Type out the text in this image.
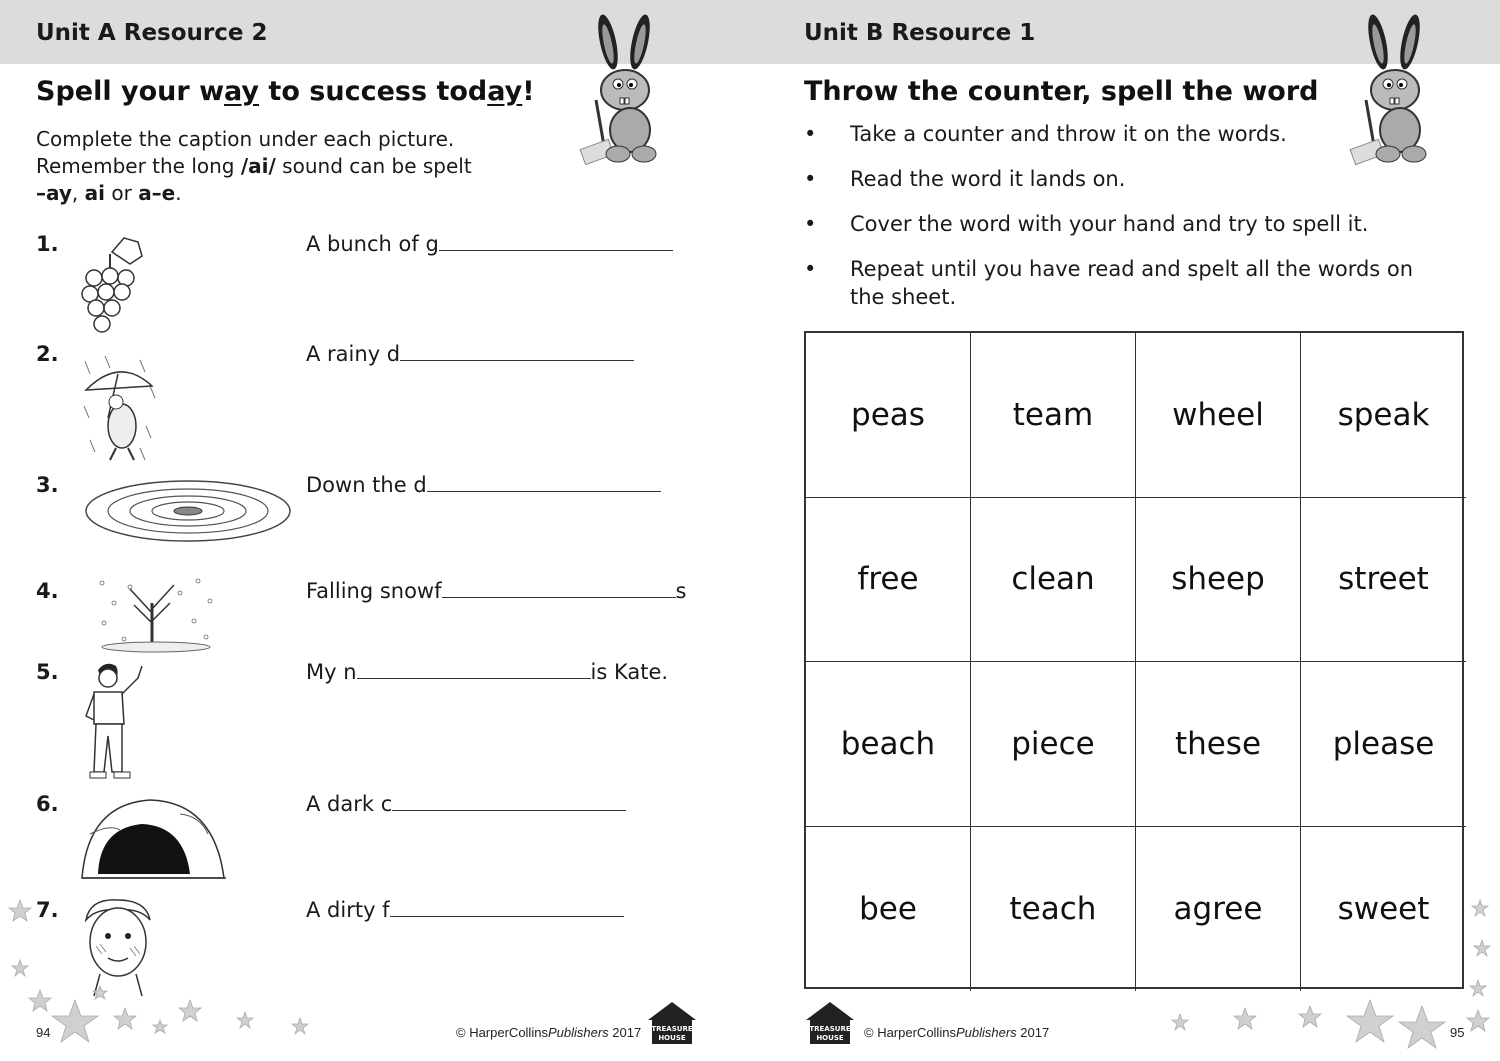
Unit A Resource 2
Spell your way to success today!
Complete the caption under each picture.
Remember the long /ai/ sound can be spelt
–ay, ai or a–e.
1.	A bunch of g
2.	A rainy d
3.	Down the d
4.	Falling snowf	s
5.	My n	is Kate.
6.	A dark c
7.	A dirty f
94	© HarperCollinsPublishers 2017 TREASURE
HOUSE
Unit B Resource 1
Throw the counter, spell the word
TREASURE
HOUSE © HarperCollinsPublishers 2017	95
• Take a counter and throw it on the words.
• Read the word it lands on.
• Cover the word with your hand and try to spell it.
• Repeat until you have read and spelt all the words on the sheet.
peas	team	wheel	speak
free	clean	sheep	street
beach	piece	these	please
bee	teach	agree	sweet
